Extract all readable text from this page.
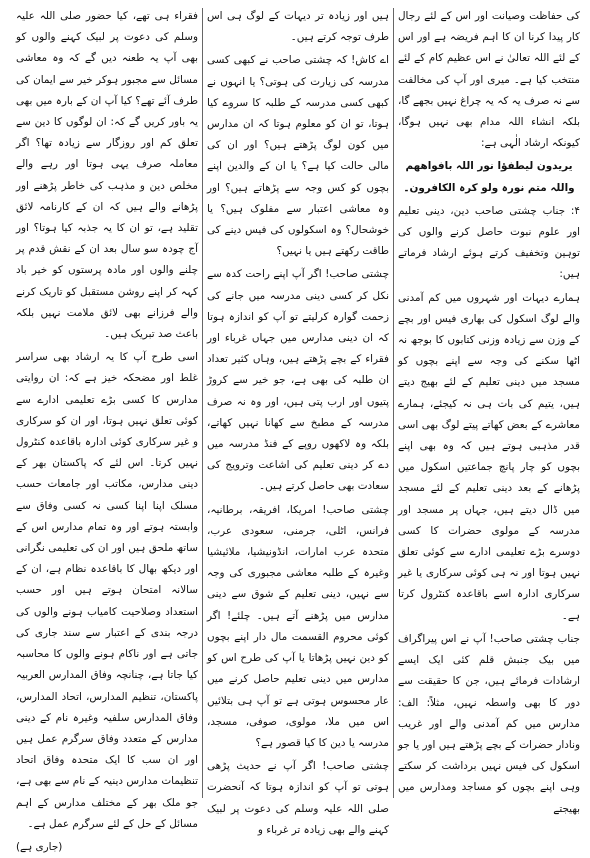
کی حفاظت وصیانت اور اس کے لئے رجال کار پیدا کرنا ان کا اہم فریضہ ہے اور اس کے لئے اللہ تعالیٰ نے اس عظیم کام کے لئے منتخب کیا ہے۔ میری اور آپ کی مخالفت سے نہ صرف یہ کہ یہ چراغ نہیں بجھے گا، بلکہ انشاء اللہ مدام بھی نہیں ہوگا، کیونکہ ارشاد الٰہی ہے:

یریدون لیطفؤا نور اللہ بافواھھم واللہ متم نورہ ولو کرہ الکافرون۔

۴: جناب چشتی صاحب دین، دینی تعلیم اور علوم نبوت حاصل کرنے والوں کی توہین وتخفیف کرتے ہوئے ارشاد فرماتے ہیں:

ہمارے دیہات اور شہروں میں کم آمدنی والے لوگ اسکول کی بھاری فیس اور بچے کے وزن سے زیادہ وزنی کتابوں کا بوجھ نہ اٹھا سکنے کی وجہ سے اپنے بچوں کو مسجد میں دینی تعلیم کے لئے بھیج دیتے ہیں، یتیم کی بات ہی نہ کیجئے، ہمارے معاشرے کے بعض کھاتے پیتے لوگ بھی اسی قدر مذہبی ہوتے ہیں کہ وہ بھی اپنے بچوں کو چار پانچ جماعتیں اسکول میں پڑھانے کے بعد دینی تعلیم کے لئے مسجد میں ڈال دیتے ہیں، جہاں پر مسجد اور مدرسہ کے مولوی حضرات کا کسی دوسرے بڑے تعلیمی ادارے سے کوئی تعلق نہیں ہوتا اور نہ ہی کوئی سرکاری یا غیر سرکاری ادارہ اسے باقاعدہ کنٹرول کرتا ہے۔

جناب چشتی صاحب! آپ نے اس پیراگراف میں بیک جنبش قلم کئی ایک ایسے ارشادات فرمائے ہیں، جن کا حقیقت سے دور کا بھی واسطہ نہیں، مثلاً: الف: مدارس میں کم آمدنی والے اور غریب ونادار حضرات کے بچے پڑھتے ہیں اور یا جو اسکول کی فیس نہیں برداشت کر سکتے وہی اپنے بچوں کو مساجد ومدارس میں بھیجتے

ہیں اور زیادہ تر دیہات کے لوگ ہی اس طرف توجہ کرتے ہیں۔

اے کاش! کہ چشتی صاحب نے کبھی کسی مدرسہ کی زیارت کی ہوتی؟ یا انہوں نے کبھی کسی مدرسہ کے طلبہ کا سروے کیا ہوتا، تو ان کو معلوم ہوتا کہ ان مدارس میں کون لوگ پڑھتے ہیں؟ اور ان کی مالی حالت کیا ہے؟ یا ان کے والدین اپنے بچوں کو کس وجہ سے پڑھاتے ہیں؟ اور وہ معاشی اعتبار سے مفلوک ہیں؟ یا خوشحال؟ وہ اسکولوں کی فیس دینے کی طاقت رکھتے ہیں یا نہیں؟

چشتی صاحب! اگر آپ اپنے راحت کدہ سے نکل کر کسی دینی مدرسہ میں جانے کی زحمت گوارہ کرلیتے تو آپ کو اندازہ ہوتا کہ ان دینی مدارس میں جہاں غرباء اور فقراء کے بچے پڑھتے ہیں، وہاں کثیر تعداد ان طلبہ کی بھی ہے، جو خیر سے کروڑ پتیوں اور ارب پتی ہیں، اور وہ نہ صرف مدرسہ کے مطبخ سے کھانا نہیں کھاتے، بلکہ وہ لاکھوں روپے کے فنڈ مدرسہ میں دے کر دینی تعلیم کی اشاعت وترویج کی سعادت بھی حاصل کرتے ہیں۔

چشتی صاحب! امریکا، افریقہ، برطانیہ، فرانس، اٹلی، جرمنی، سعودی عرب، متحدہ عرب امارات، انڈونیشیا، ملائیشیا وغیرہ کے طلبہ معاشی مجبوری کی وجہ سے نہیں، دینی تعلیم کے شوق سے دینی مدارس میں پڑھنے آتے ہیں۔ چلئے! اگر کوئی محروم القسمت مال دار اپنے بچوں کو دین نہیں پڑھاتا یا آپ کی طرح اس کو مدارس میں دینی تعلیم حاصل کرنے میں عار محسوس ہوتی ہے تو آپ ہی بتلائیں اس میں ملا، مولوی، صوفی، مسجد، مدرسہ یا دین کا کیا قصور ہے؟

چشتی صاحب! اگر آپ نے حدیث پڑھی ہوتی تو آپ کو اندازہ ہوتا کہ آنحضرت صلی اللہ علیہ وسلم کی دعوت پر لبیک کہنے والے بھی زیادہ تر غرباء و

فقراء ہی تھے، کیا حضور صلی اللہ علیہ وسلم کی دعوت پر لبیک کہنے والوں کو بھی آپ یہ طعنہ دیں گے کہ وہ معاشی مسائل سے مجبور ہوکر خیر سے ایمان کی طرف آئے تھے؟ کیا آپ ان کے بارہ میں بھی یہ باور کریں گے کہ: ان لوگوں کا دین سے تعلق کم اور روزگار سے زیادہ تھا؟ اگر معاملہ صرف یہی ہوتا اور رہے والے مخلص دین و مذہب کی خاطر پڑھنے اور پڑھانے والے ہیں کہ ان کے کارنامہ لائق تقلید ہے، تو ان کا یہ جذبہ کیا ہوتا؟ اور آج چودہ سو سال بعد ان کے نقش قدم پر چلنے والوں اور مادہ پرستوں کو خیر باد کہہ کر اپنے روشن مستقبل کو تاریک کرنے والے فرزانے بھی لائق ملامت نہیں بلکہ باعث صد تبریک ہیں۔

اسی طرح آپ کا یہ ارشاد بھی سراسر غلط اور مضحکہ خیز ہے کہ: ان روایتی مدارس کا کسی بڑے تعلیمی ادارے سے کوئی تعلق نہیں ہوتا، اور ان کو سرکاری و غیر سرکاری کوئی ادارہ باقاعدہ کنٹرول نہیں کرتا۔ اس لئے کہ پاکستان بھر کے دینی مدارس، مکاتب اور جامعات حسب مسلک اپنا اپنا کسی نہ کسی وفاق سے وابستہ ہوتے اور وہ تمام مدارس اس کے ساتھ ملحق ہیں اور ان کی تعلیمی نگرانی اور دیکھ بھال کا باقاعدہ نظام ہے، ان کے سالانہ امتحان ہوتے ہیں اور حسب استعداد وصلاحیت کامیاب ہونے والوں کی درجہ بندی کے اعتبار سے سند جاری کی جاتی ہے اور ناکام ہونے والوں کا محاسبہ کیا جاتا ہے، چنانچہ وفاق المدارس العربیہ پاکستان، تنظیم المدارس، اتحاد المدارس، وفاق المدارس سلفیہ وغیرہ نام کے دینی مدارس کے متعدد وفاق سرگرم عمل ہیں اور ان سب کا ایک متحدہ وفاق اتحاد تنظیمات مدارس دینیہ کے نام سے بھی ہے، جو ملک بھر کے مختلف مدارس کے اہم مسائل کے حل کے لئے سرگرم عمل ہے۔

(جاری ہے)
